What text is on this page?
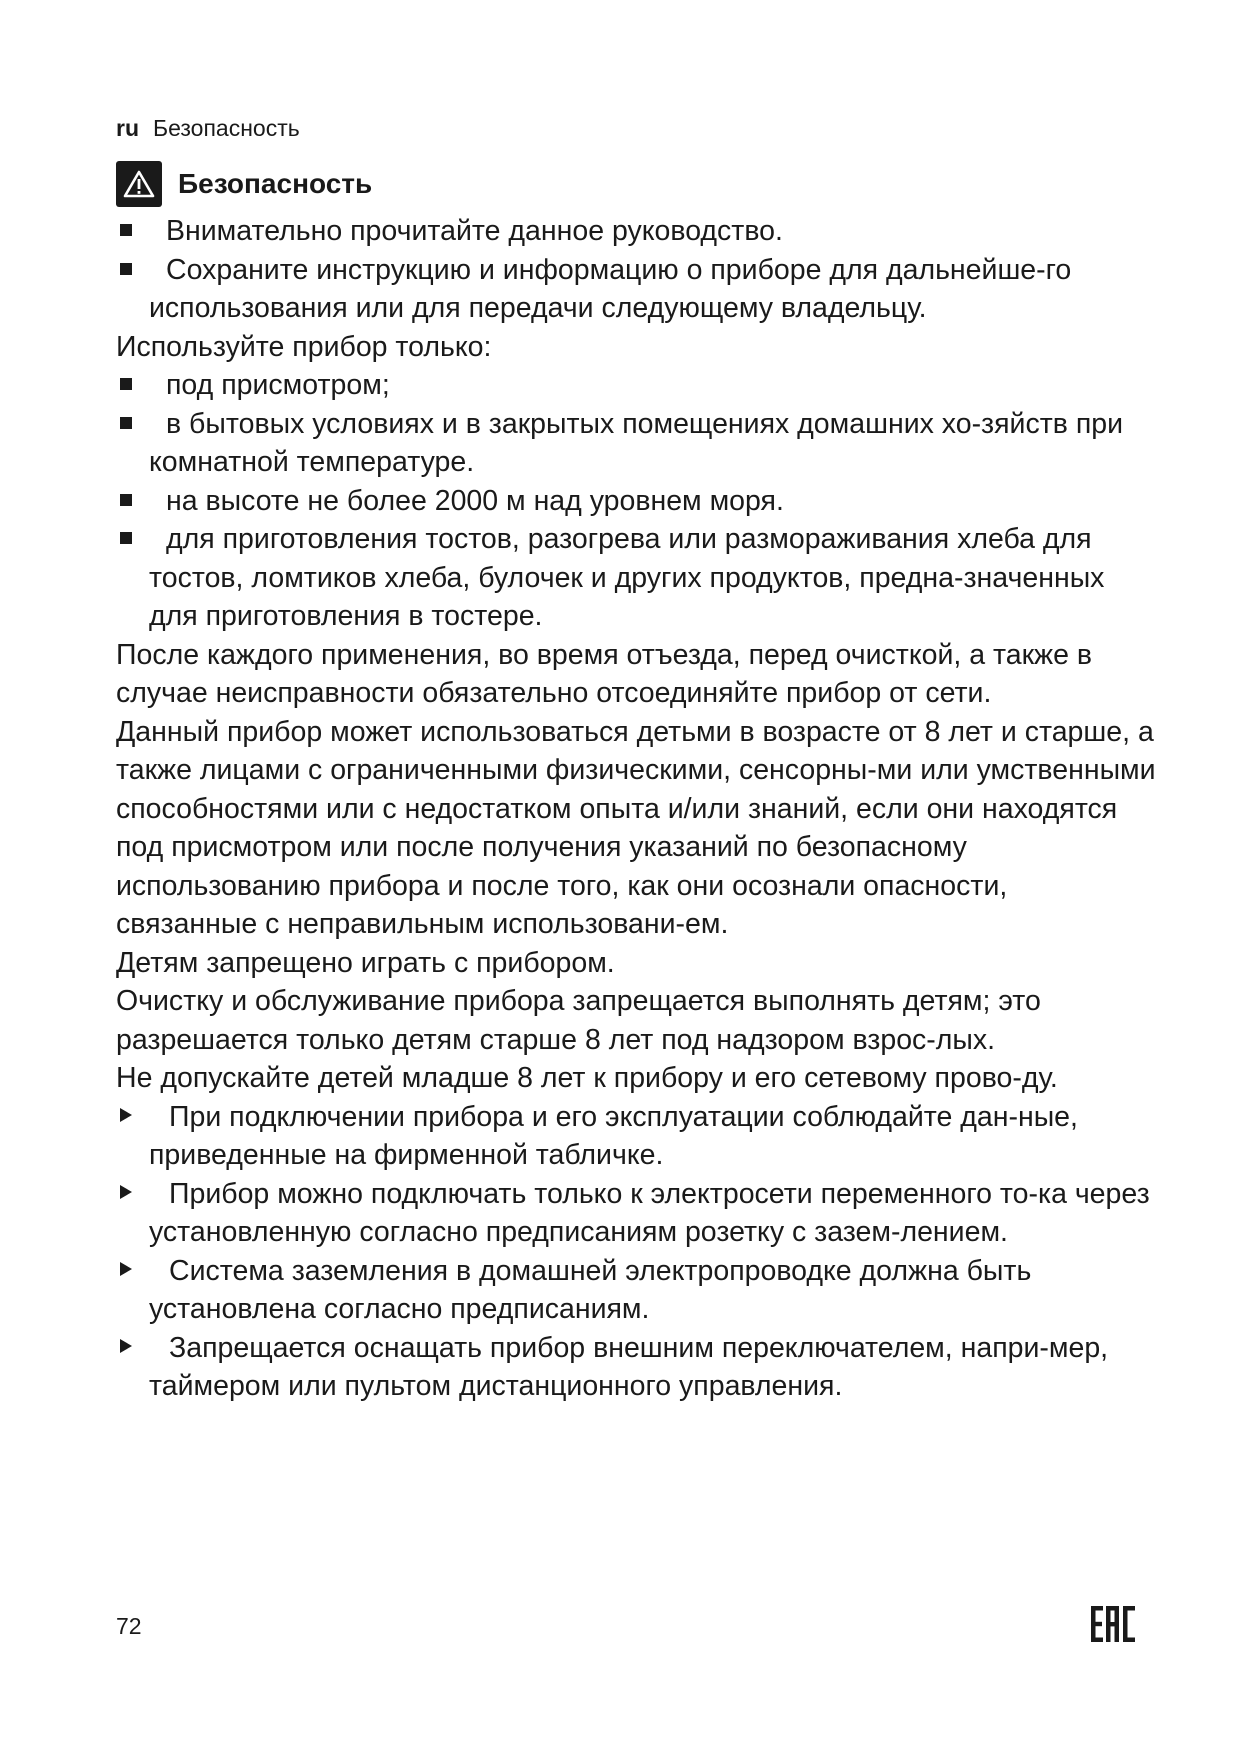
ru Безопасность
Безопасность
Внимательно прочитайте данное руководство.
Сохраните инструкцию и информацию о приборе для дальнейше-го использования или для передачи следующему владельцу.

Используйте прибор только:

под присмотром;
в бытовых условиях и в закрытых помещениях домашних хо-зяйств при комнатной температуре.
на высоте не более 2000 м над уровнем моря.
для приготовления тостов, разогрева или размораживания хлеба для тостов, ломтиков хлеба, булочек и других продуктов, предна-значенных для приготовления в тостере.

После каждого применения, во время отъезда, перед очисткой, а также в случае неисправности обязательно отсоединяйте прибор от сети.

Данный прибор может использоваться детьми в возрасте от 8 лет и старше, а также лицами с ограниченными физическими, сенсорны-ми или умственными способностями или с недостатком опыта и/или знаний, если они находятся под присмотром или после получения указаний по безопасному использованию прибора и после того, как они осознали опасности, связанные с неправильным использовани-ем.

Детям запрещено играть с прибором.

Очистку и обслуживание прибора запрещается выполнять детям; это разрешается только детям старше 8 лет под надзором взрос-лых.

Не допускайте детей младше 8 лет к прибору и его сетевому прово-ду.

При подключении прибора и его эксплуатации соблюдайте дан-ные, приведенные на фирменной табличке.
Прибор можно подключать только к электросети переменного то-ка через установленную согласно предписаниям розетку с зазем-лением.
Система заземления в домашней электропроводке должна быть установлена согласно предписаниям.
Запрещается оснащать прибор внешним переключателем, напри-мер, таймером или пультом дистанционного управления.
72
